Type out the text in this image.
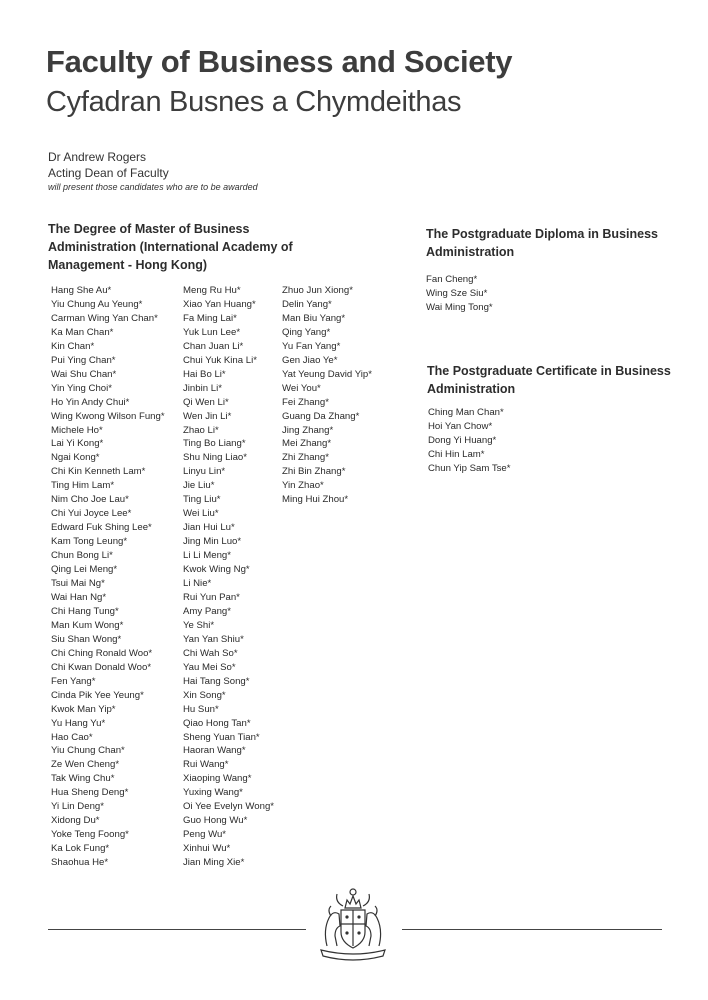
Faculty of Business and Society
Cyfadran Busnes a Chymdeithas
Dr Andrew Rogers
Acting Dean of Faculty
will present those candidates who are to be awarded
The Degree of Master of Business
Administration (International Academy of
Management - Hong Kong)
Hang She Au*
Yiu Chung Au Yeung*
Carman Wing Yan Chan*
Ka Man Chan*
Kin Chan*
Pui Ying Chan*
Wai Shu Chan*
Yin Ying Choi*
Ho Yin Andy Chui*
Wing Kwong Wilson Fung*
Michele Ho*
Lai Yi Kong*
Ngai Kong*
Chi Kin Kenneth Lam*
Ting Him Lam*
Nim Cho Joe Lau*
Chi Yui Joyce Lee*
Edward Fuk Shing Lee*
Kam Tong Leung*
Chun Bong Li*
Qing Lei Meng*
Tsui Mai Ng*
Wai Han Ng*
Chi Hang Tung*
Man Kum Wong*
Siu Shan Wong*
Chi Ching Ronald Woo*
Chi Kwan Donald Woo*
Fen Yang*
Cinda Pik Yee Yeung*
Kwok Man Yip*
Yu Hang Yu*
Hao Cao*
Yiu Chung Chan*
Ze Wen Cheng*
Tak Wing Chu*
Hua Sheng Deng*
Yi Lin Deng*
Xidong Du*
Yoke Teng Foong*
Ka Lok Fung*
Shaohua He*
Meng Ru Hu*
Xiao Yan Huang*
Fa Ming Lai*
Yuk Lun Lee*
Chan Juan Li*
Chui Yuk Kina Li*
Hai Bo Li*
Jinbin Li*
Qi Wen Li*
Wen Jin Li*
Zhao Li*
Ting Bo Liang*
Shu Ning Liao*
Linyu Lin*
Jie Liu*
Ting Liu*
Wei Liu*
Jian Hui Lu*
Jing Min Luo*
Li Li Meng*
Kwok Wing Ng*
Li Nie*
Rui Yun Pan*
Amy Pang*
Ye Shi*
Yan Yan Shiu*
Chi Wah So*
Yau Mei So*
Hai Tang Song*
Xin Song*
Hu Sun*
Qiao Hong Tan*
Sheng Yuan Tian*
Haoran Wang*
Rui Wang*
Xiaoping Wang*
Yuxing Wang*
Oi Yee Evelyn Wong*
Guo Hong Wu*
Peng Wu*
Xinhui Wu*
Jian Ming Xie*
Zhuo Jun Xiong*
Delin Yang*
Man Biu Yang*
Qing Yang*
Yu Fan Yang*
Gen Jiao Ye*
Yat Yeung David Yip*
Wei You*
Fei Zhang*
Guang Da Zhang*
Jing Zhang*
Mei Zhang*
Zhi Zhang*
Zhi Bin Zhang*
Yin Zhao*
Ming Hui Zhou*
The Postgraduate Diploma in Business
Administration
Fan Cheng*
Wing Sze Siu*
Wai Ming Tong*
The Postgraduate Certificate in Business
Administration
Ching Man Chan*
Hoi Yan Chow*
Dong Yi Huang*
Chi Hin Lam*
Chun Yip Sam Tse*
